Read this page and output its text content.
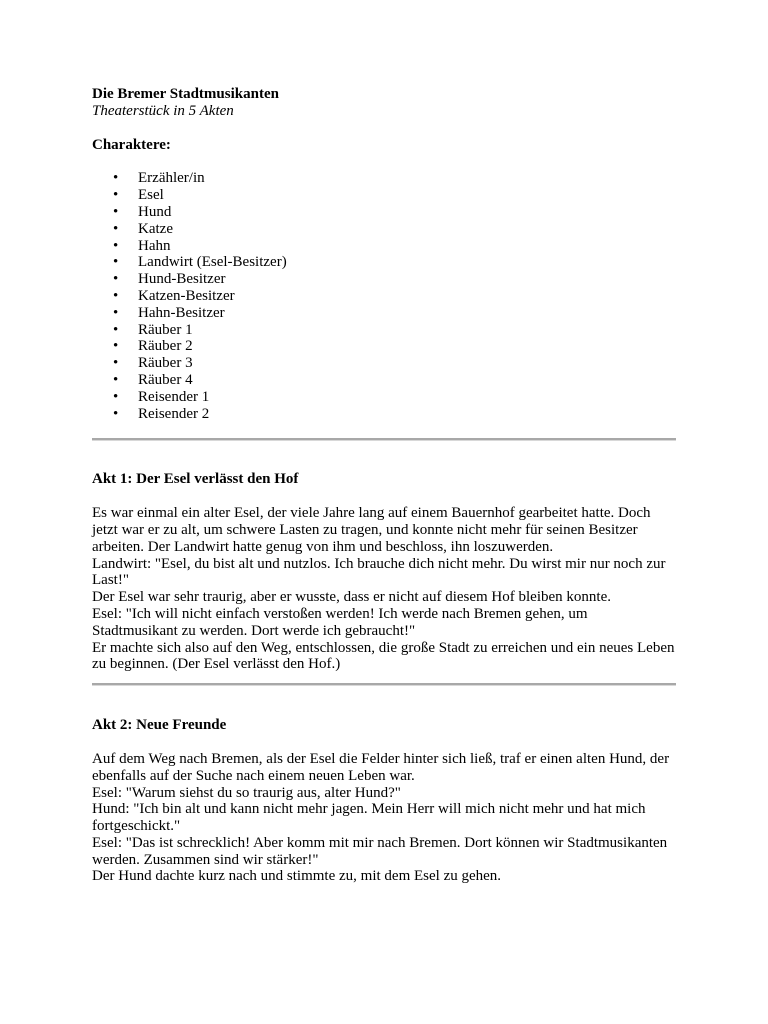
Die Bremer Stadtmusikanten
Theaterstück in 5 Akten
Charaktere:
• Erzähler/in
• Esel
• Hund
• Katze
• Hahn
• Landwirt (Esel-Besitzer)
• Hund-Besitzer
• Katzen-Besitzer
• Hahn-Besitzer
• Räuber 1
• Räuber 2
• Räuber 3
• Räuber 4
• Reisender 1
• Reisender 2
Akt 1: Der Esel verlässt den Hof

Es war einmal ein alter Esel, der viele Jahre lang auf einem Bauernhof gearbeitet hatte. Doch jetzt war er zu alt, um schwere Lasten zu tragen, und konnte nicht mehr für seinen Besitzer arbeiten. Der Landwirt hatte genug von ihm und beschloss, ihn loszuwerden.

Landwirt: "Esel, du bist alt und nutzlos. Ich brauche dich nicht mehr. Du wirst mir nur noch zur Last!"

Der Esel war sehr traurig, aber er wusste, dass er nicht auf diesem Hof bleiben konnte.

Esel: "Ich will nicht einfach verstoßen werden! Ich werde nach Bremen gehen, um Stadtmusikant zu werden. Dort werde ich gebraucht!"

Er machte sich also auf den Weg, entschlossen, die große Stadt zu erreichen und ein neues Leben zu beginnen. (Der Esel verlässt den Hof.)

Akt 2: Neue Freunde

Auf dem Weg nach Bremen, als der Esel die Felder hinter sich ließ, traf er einen alten Hund, der ebenfalls auf der Suche nach einem neuen Leben war.

Esel: "Warum siehst du so traurig aus, alter Hund?"

Hund: "Ich bin alt und kann nicht mehr jagen. Mein Herr will mich nicht mehr und hat mich fortgeschickt."

Esel: "Das ist schrecklich! Aber komm mit mir nach Bremen. Dort können wir Stadtmusikanten werden. Zusammen sind wir stärker!"

Der Hund dachte kurz nach und stimmte zu, mit dem Esel zu gehen.
